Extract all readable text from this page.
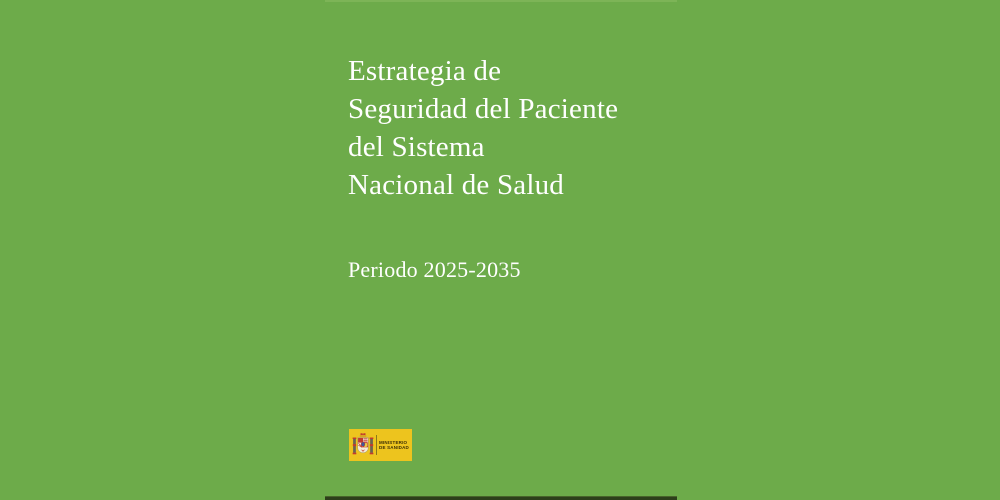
Estrategia de
Seguridad del Paciente
del Sistema
Nacional de Salud

Periodo 2025-2035

MINISTERIO
DE SANIDAD
